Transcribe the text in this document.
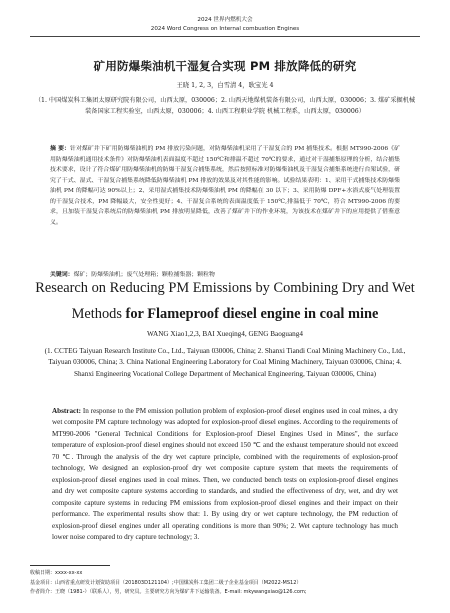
2024 世界内燃机大会
2024 Word Congress on Internal combustion Engines
矿用防爆柴油机干湿复合实现 PM 排放降低的研究
王晓 1, 2, 3，白雪清 4，耿宝光 4
（1. 中国煤炭科工集团太原研究院有限公司，山西太原，030006；2. 山西天地煤机装备有限公司，山西太原，030006；3. 煤矿采掘机械装备国家工程实验室，山西太原，030006；4. 山西工程职业学院 机械工程系，山西太原，030006）
摘 要：针对煤矿井下矿用防爆柴油机的 PM 排放污染问题，对防爆柴油机采用了干湿复合的 PM 捕集技术。根据 MT990-2006《矿用防爆柴油机通用技术条件》对防爆柴油机表面温度不超过 150℃和排温不超过 70℃的要求，通过对干湿捕集原理的分析，结合捕集技术要求，设计了符合煤矿用防爆柴油机的防爆干湿复合捕集系统，然后按照标准对防爆柴油机及干湿复合捕集系统进行台架试验，研究了干式、湿式、干湿复合捕集系统降低防爆柴油机 PM 排放的效果及对其性能的影响。试验结果表明：1、采用干式捕集技术防爆柴油机 PM 的降幅可达 90%以上；2、采用湿式捕集技术防爆柴油机 PM 的降幅在 30 以下；3、采用防爆 DPF+水浴式废气处理装置的干湿复合技术，PM 降幅最大，安全性更好；4、干湿复合系统的表面温度低于 150℃,排温低于 70℃，符合 MT990-2006 的要求，且加装干湿复合系统后的防爆柴油机 PM 排放明显降低，改善了煤矿井下的作业环境，为该技术在煤矿井下的应用提供了借鉴意义。
关键词：煤矿；防爆柴油机；废气处理箱；颗粒捕集器；颗粒物
Research on Reducing PM Emissions by Combining Dry and Wet
Methods for Flameproof diesel engine in coal mine
WANG Xiao1,2,3, BAI Xueqing4, GENG Baoguang4
(1. CCTEG Taiyuan Research Institute Co., Ltd., Taiyuan 030006, China; 2. Shanxi Tiandi Coal Mining Machinery Co., Ltd., Taiyuan 030006, China; 3. China National Engineering Laboratory for Coal Mining Machinery, Taiyuan 030006, China; 4. Shanxi Engineering Vocational College Department of Mechanical Engineering, Taiyuan 030006, China)
Abstract: In response to the PM emission pollution problem of explosion-proof diesel engines used in coal mines, a dry wet composite PM capture technology was adopted for explosion-proof diesel engines. According to the requirements of MT990-2006 "General Technical Conditions for Explosion-proof Diesel Engines Used in Mines", the surface temperature of explosion-proof diesel engines should not exceed 150 ℃ and the exhaust temperature should not exceed 70 ℃. Through the analysis of the dry wet capture principle, combined with the requirements of explosion-proof technology, We designed an explosion-proof dry wet composite capture system that meets the requirements of explosion-proof diesel engines used in coal mines. Then, we conducted bench tests on explosion-proof diesel engines and dry wet composite capture systems according to standards, and studied the effectiveness of dry, wet, and dry wet composite capture systems in reducing PM emissions from explosion-proof diesel engines and their impact on their performance. The experimental results show that: 1. By using dry or wet capture technology, the PM reduction of explosion-proof diesel engines under all operating conditions is more than 90%; 2. Wet capture technology has much lower noise compared to dry capture technology; 3.
收稿日期：xxxx-xx-xx
基金项目：山西省重点研发计划资助项目（201803D121104）;中国煤炭科工集团二级子企业基金项目（M2022-MS12）
作者简介：王晓（1981-）（联系人），男，研究员。主要研究方向为煤矿井下运输装备。E-mail: mkywangxiao@126.com;
